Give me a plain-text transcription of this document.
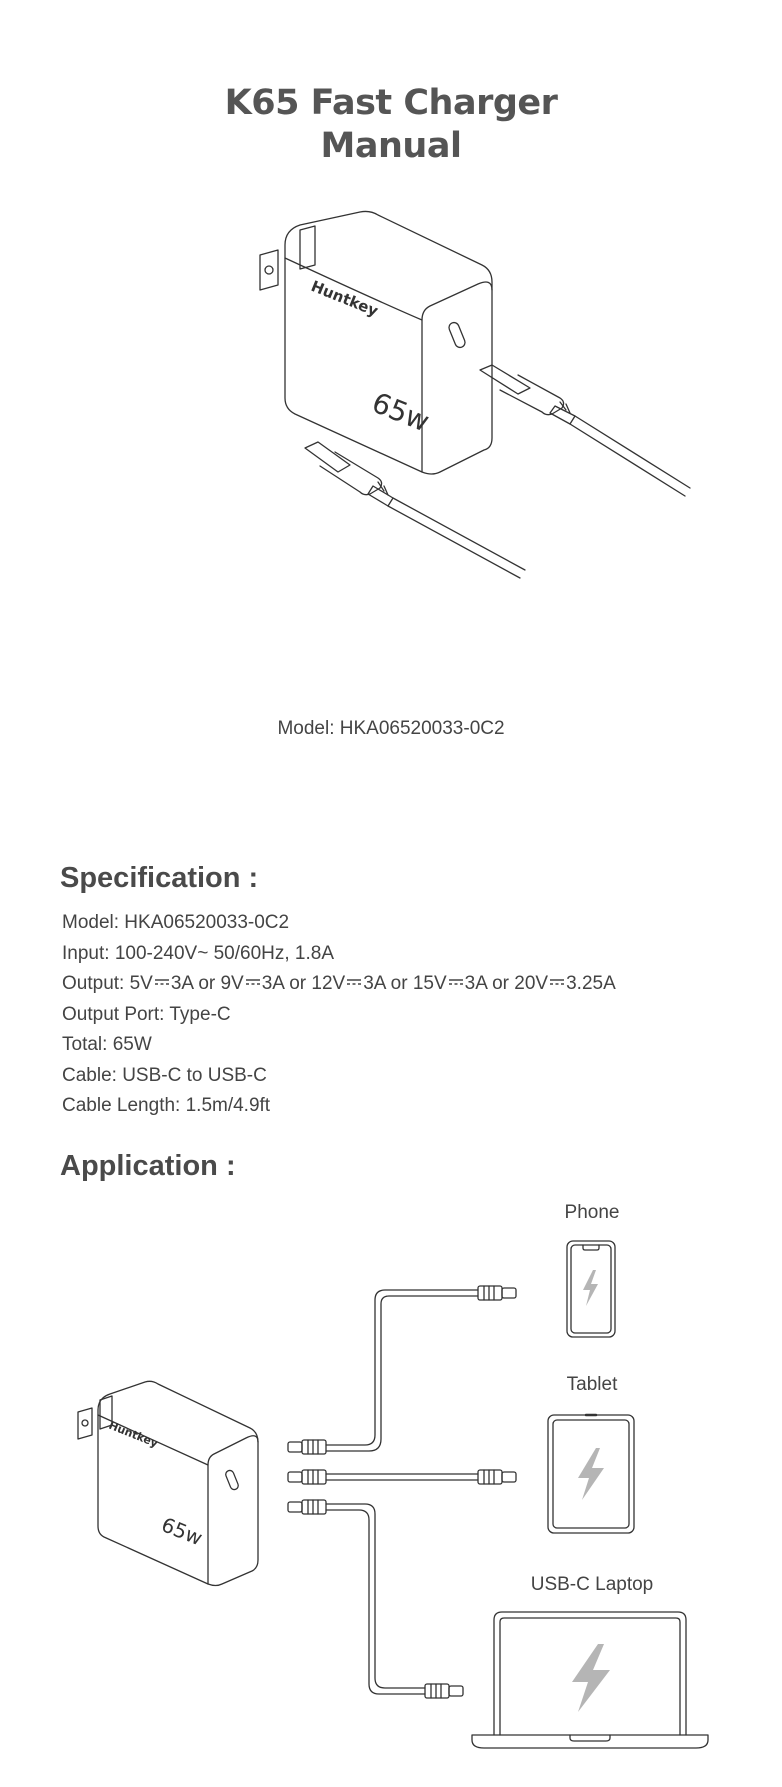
K65 Fast Charger
Manual
Huntkey
65w
Model: HKA06520033-0C2
Specification :
Model: HKA06520033-0C2
Input: 100-240V~ 50/60Hz, 1.8A
Output: 5V 3A or 9V 3A or 12V 3A or 15V 3A or 20V 3.25A
Output Port: Type-C
Total: 65W
Cable: USB-C to USB-C
Cable Length: 1.5m/4.9ft
Application :
Phone
Tablet
USB-C Laptop
Huntkey
65w
